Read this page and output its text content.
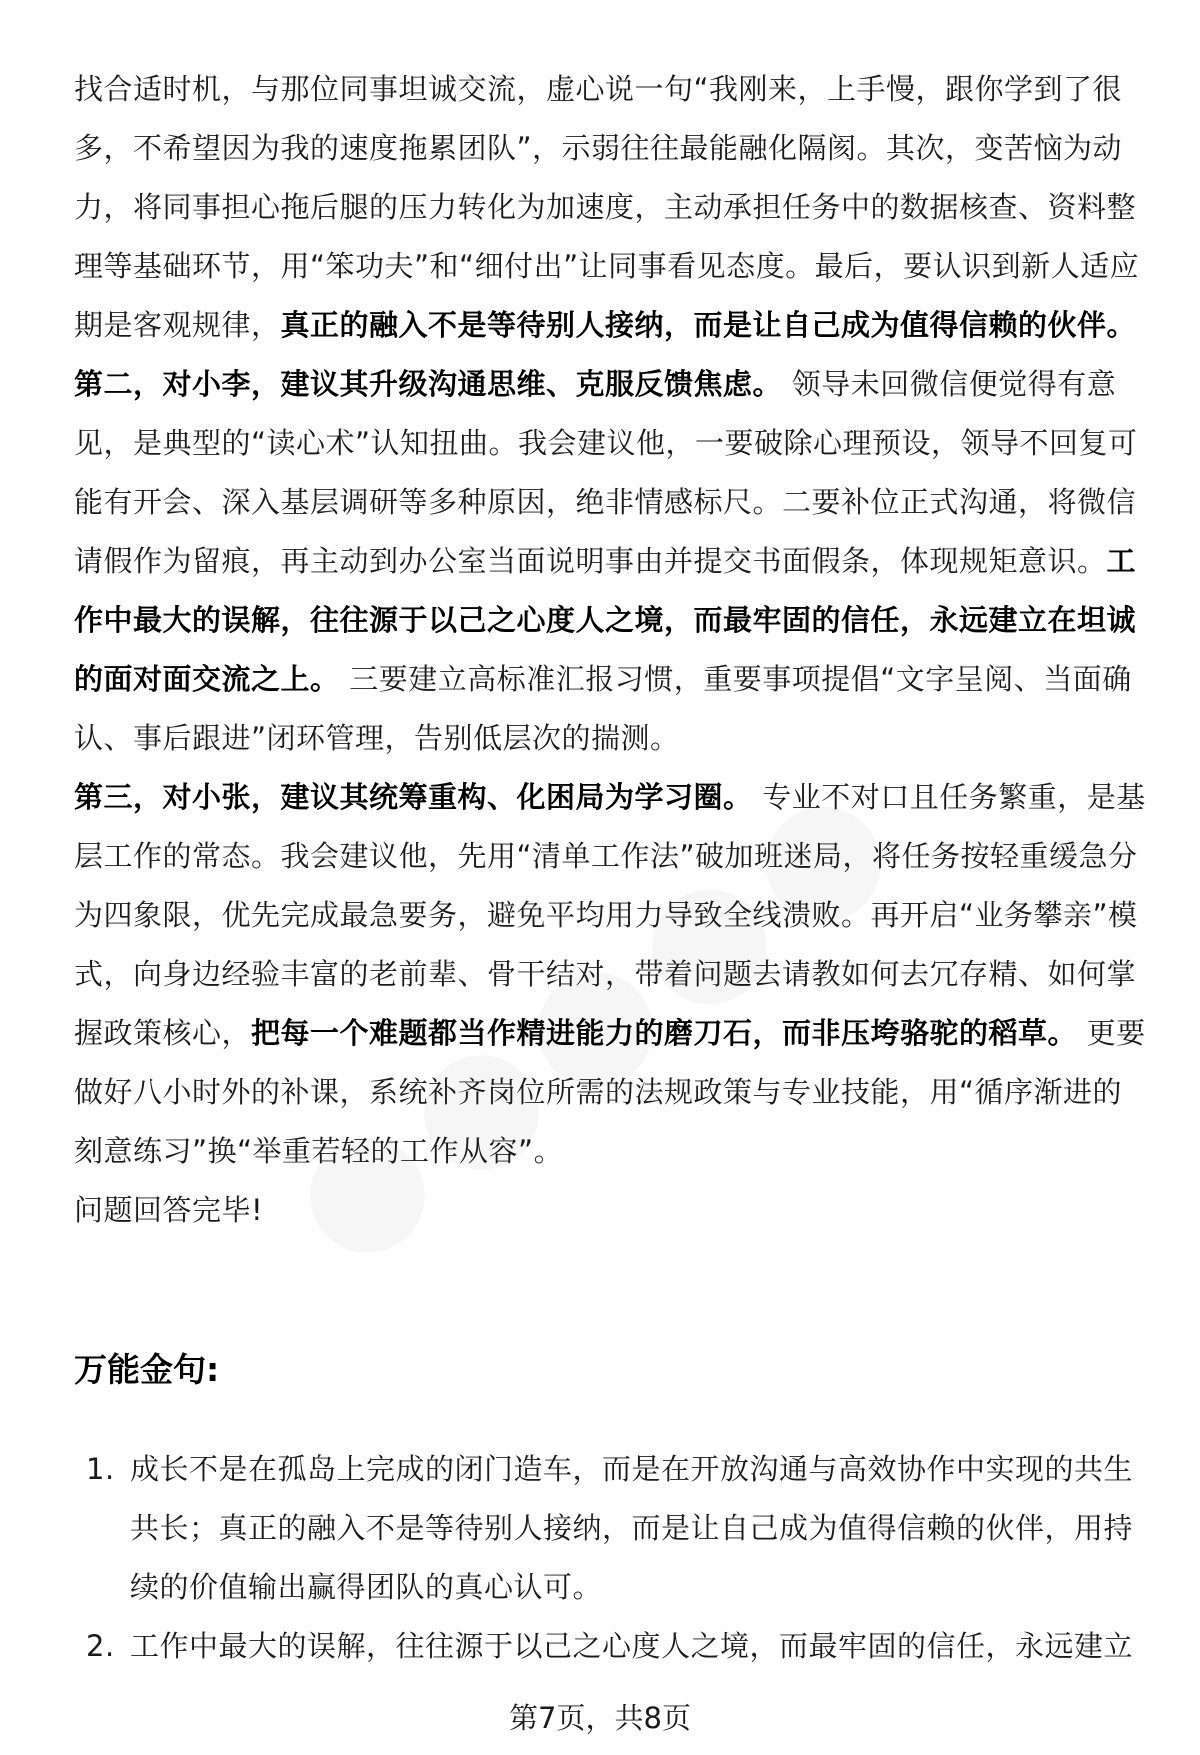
找合适时机，与那位同事坦诚交流，虚心说一句“我刚来，上手慢，跟你学到了很多，不希望因为我的速度拖累团队”，示弱往往最能融化隔阂。其次，变苦恼为动力，将同事担心拖后腿的压力转化为加速度，主动承担任务中的数据核查、资料整理等基础环节，用“笨功夫”和“细付出”让同事看见态度。最后，要认识到新人适应期是客观规律，真正的融入不是等待别人接纳，而是让自己成为值得信赖的伙伴。

第二，对小李，建议其升级沟通思维、克服反馈焦虑。 领导未回微信便觉得有意见，是典型的“读心术”认知扭曲。我会建议他，一要破除心理预设，领导不回复可能有开会、深入基层调研等多种原因，绝非情感标尺。二要补位正式沟通，将微信请假作为留痕，再主动到办公室当面说明事由并提交书面假条，体现规矩意识。工作中最大的误解，往往源于以己之心度人之境，而最牢固的信任，永远建立在坦诚的面对面交流之上。 三要建立高标准汇报习惯，重要事项提倡“文字呈阅、当面确认、事后跟进”闭环管理，告别低层次的揣测。

第三，对小张，建议其统筹重构、化困局为学习圈。 专业不对口且任务繁重，是基层工作的常态。我会建议他，先用“清单工作法”破加班迷局，将任务按轻重缓急分为四象限，优先完成最急要务，避免平均用力导致全线溃败。再开启“业务攀亲”模式，向身边经验丰富的老前辈、骨干结对，带着问题去请教如何去冗存精、如何掌握政策核心，把每一个难题都当作精进能力的磨刀石，而非压垮骆驼的稻草。 更要做好八小时外的补课，系统补齐岗位所需的法规政策与专业技能，用“循序渐进的刻意练习”换“举重若轻的工作从容”。

问题回答完毕!

万能金句:
1. 成长不是在孤岛上完成的闭门造车，而是在开放沟通与高效协作中实现的共生共长；真正的融入不是等待别人接纳，而是让自己成为值得信赖的伙伴，用持续的价值输出赢得团队的真心认可。
2. 工作中最大的误解，往往源于以己之心度人之境，而最牢固的信任，永远建立
第7页，共8页
